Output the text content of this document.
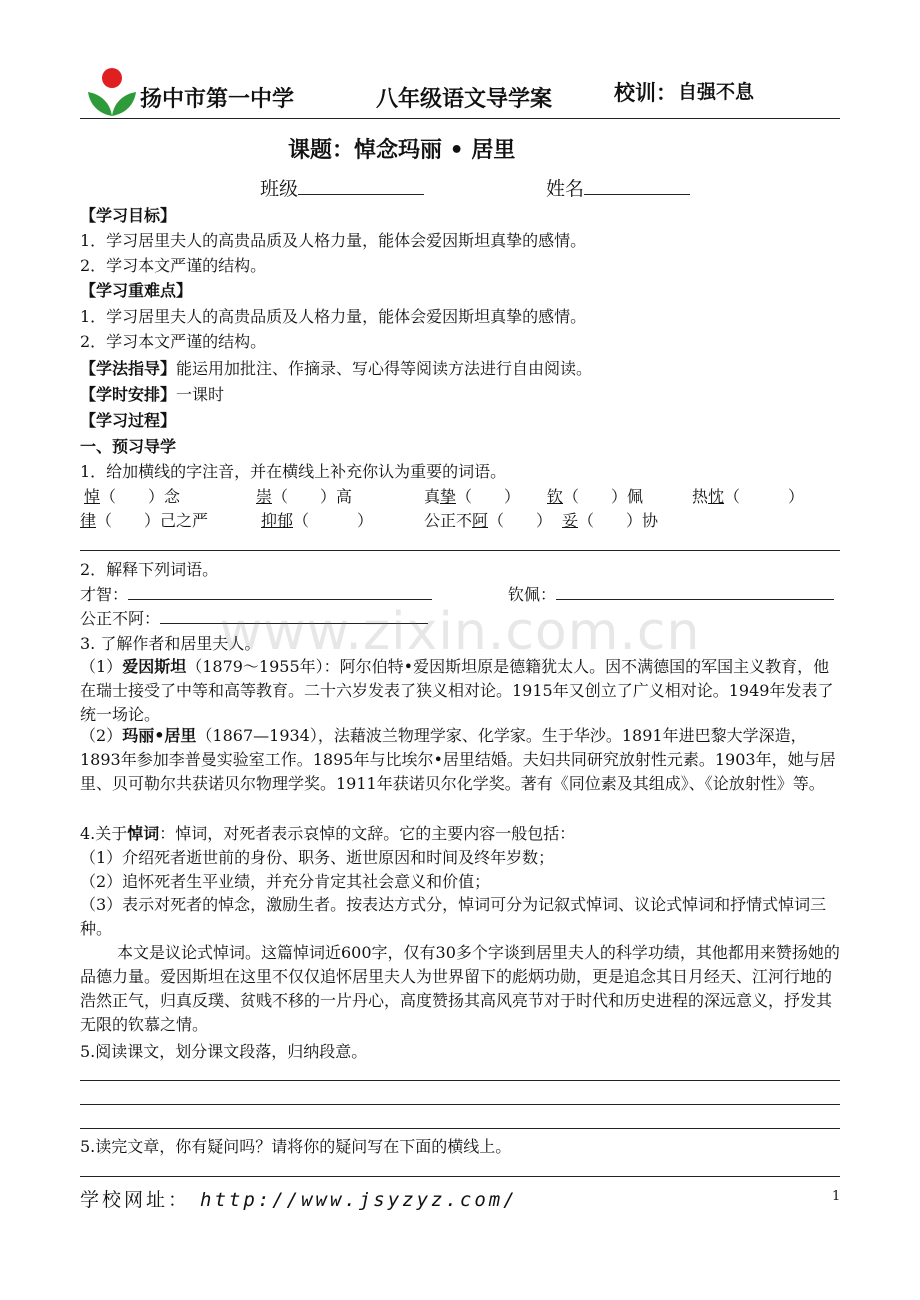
扬中市第一中学	八年级语文导学案	校训： 自强不息
课题：悼念玛丽 • 居里
班级	姓名
【学习目标】
1．学习居里夫人的高贵品质及人格力量，能体会爱因斯坦真挚的感情。
2．学习本文严谨的结构。
【学习重难点】
1．学习居里夫人的高贵品质及人格力量，能体会爱因斯坦真挚的感情。
2．学习本文严谨的结构。
【学法指导】能运用加批注、作摘录、写心得等阅读方法进行自由阅读。
【学时安排】一课时
【学习过程】
一、预习导学
1．给加横线的字注音，并在横线上补充你认为重要的词语。
悼（　　）念	崇（　　）高	真挚（　　） 钦（　　）佩	热忱（　　　）
律（　　）己之严	抑郁（　　　）	公正不阿（　　） 妥（　　）协
2．解释下列词语。
才智：	钦佩：
公正不阿：
3. 了解作者和居里夫人。
（1）爱因斯坦（1879～1955年）：阿尔伯特•爱因斯坦原是德籍犹太人。因不满德国的军国主义教育，他在瑞士接受了中等和高等教育。二十六岁发表了狭义相对论。1915年又创立了广义相对论。1949年发表了统一场论。
（2）玛丽•居里（1867—1934），法藉波兰物理学家、化学家。生于华沙。1891年进巴黎大学深造，1893年参加李普曼实验室工作。1895年与比埃尔•居里结婚。夫妇共同研究放射性元素。1903年，她与居里、贝可勒尔共获诺贝尔物理学奖。1911年获诺贝尔化学奖。著有《同位素及其组成》、《论放射性》等。
4.关于悼词：悼词，对死者表示哀悼的文辞。它的主要内容一般包括：
（1）介绍死者逝世前的身份、职务、逝世原因和时间及终年岁数；
（2）追怀死者生平业绩，并充分肯定其社会意义和价值；
（3）表示对死者的悼念，激励生者。按表达方式分，悼词可分为记叙式悼词、议论式悼词和抒情式悼词三种。
本文是议论式悼词。这篇悼词近600字，仅有30多个字谈到居里夫人的科学功绩，其他都用来赞扬她的品德力量。爱因斯坦在这里不仅仅追怀居里夫人为世界留下的彪炳功勋，更是追念其日月经天、江河行地的浩然正气，归真反璞、贫贱不移的一片丹心，高度赞扬其高风亮节对于时代和历史进程的深远意义，抒发其无限的钦慕之情。
5.阅读课文，划分课文段落，归纳段意。
5.读完文章，你有疑问吗？请将你的疑问写在下面的横线上。
学校网址： http://www.jsyzyz.com/	1
www.zixin.com.cn
